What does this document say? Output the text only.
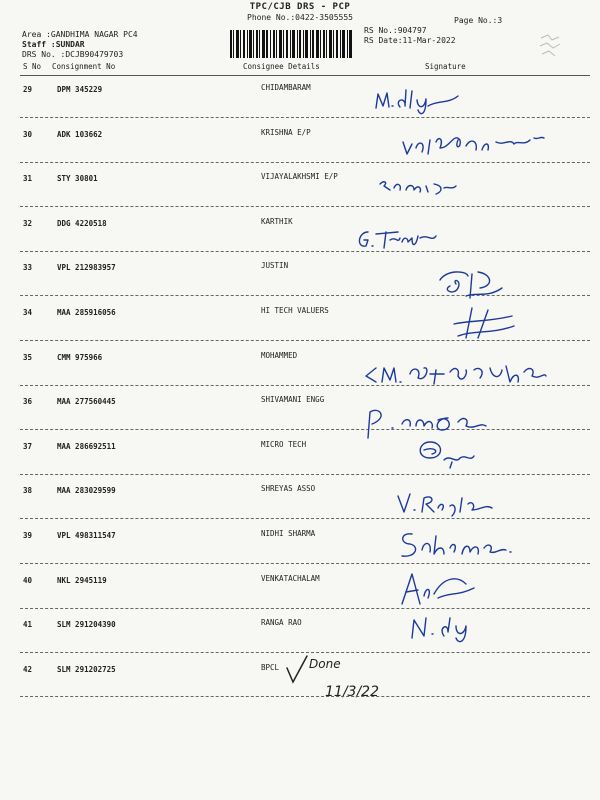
TPC/CJB DRS - PCP
Phone No.:0422-3505555
Area :GANDHIMA NAGAR PC4
Staff :SUNDAR
DRS No. :DCJB90479703
Page No.:3
RS No.:904797
RS Date:11-Mar-2022
S No Consignment No	Consignee Details	Signature
29	DPM 345229	CHIDAMBARAM
30	ADK 103662	KRISHNA E/P
31	STY 30801	VIJAYALAKHSMI E/P
32	DDG 4220518	KARTHIK
33	VPL 212983957	JUSTIN
34	MAA 285916056	HI TECH VALUERS
35	CMM 975966	MOHAMMED
36	MAA 277560445	SHIVAMANI ENGG
37	MAA 286692511	MICRO TECH
38	MAA 283029599	SHREYAS ASSO
39	VPL 498311547	NIDHI SHARMA
40	NKL 2945119	VENKATACHALAM
41	SLM 291204390	RANGA RAO
42	SLM 291202725	BPCL Done
11/3/22
